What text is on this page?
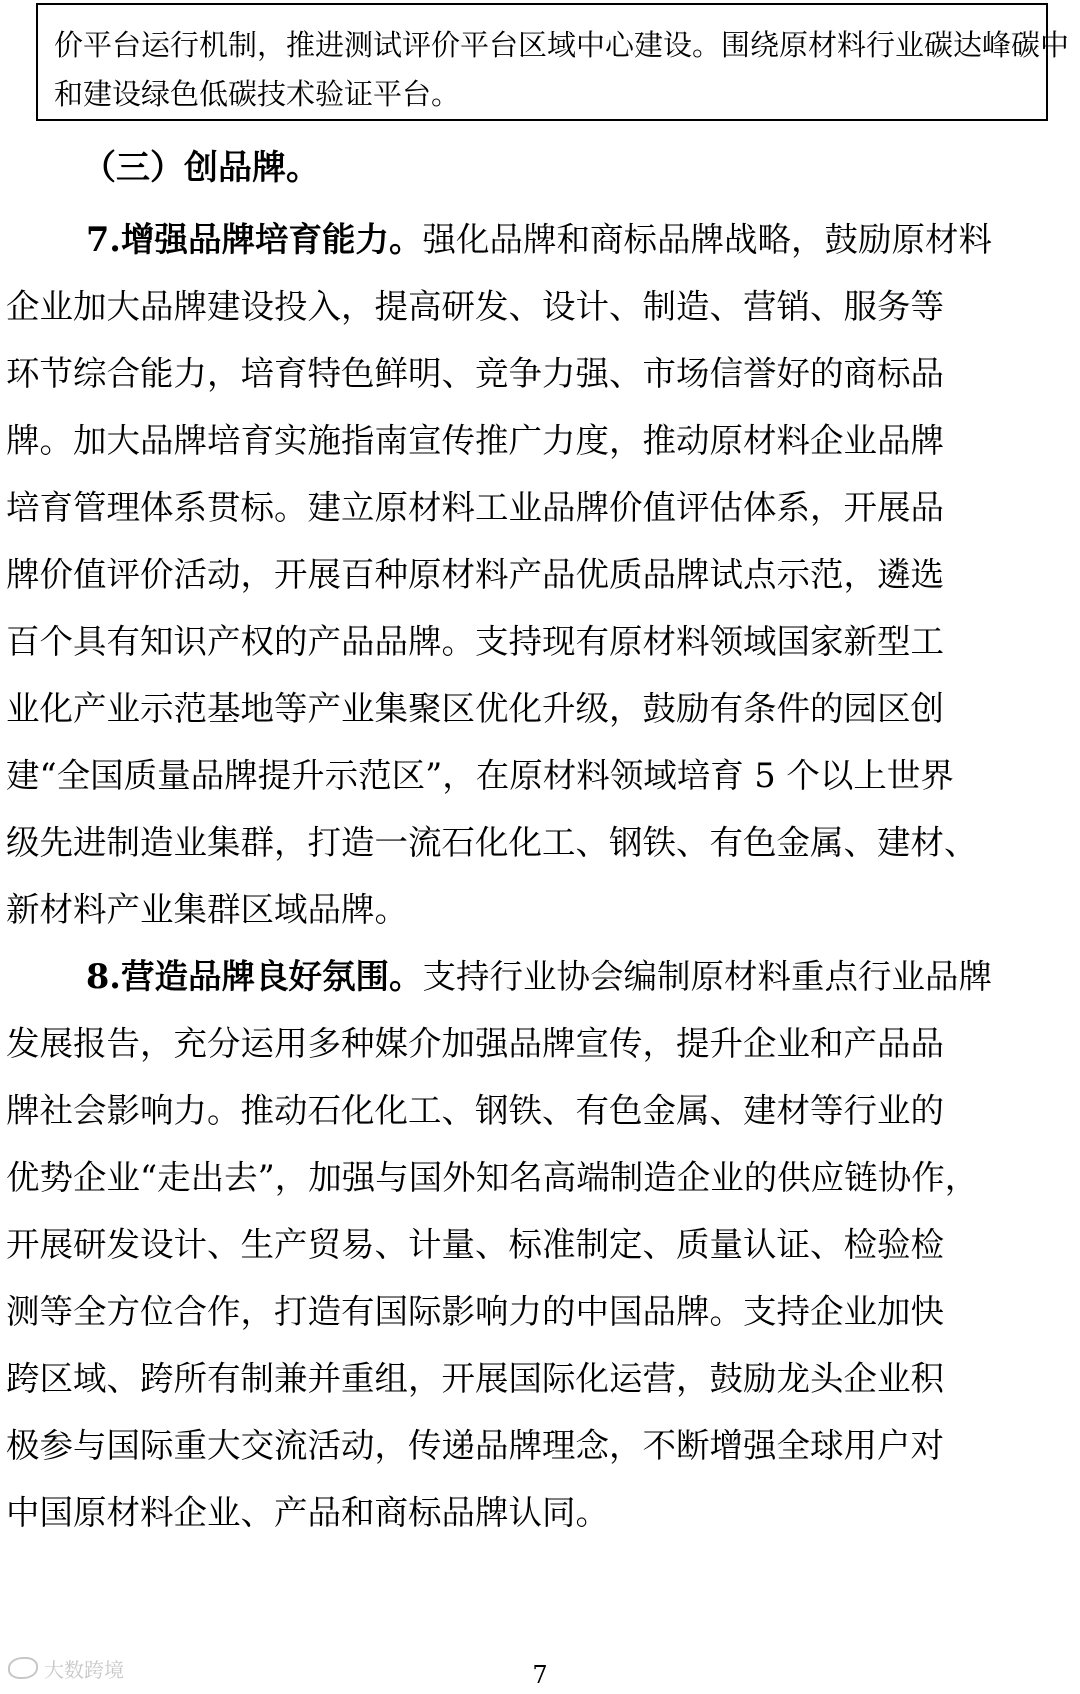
价平台运行机制，推进测试评价平台区域中心建设。围绕原材料行业碳达峰碳中
和建设绿色低碳技术验证平台。
（三）创品牌。
7.增强品牌培育能力。强化品牌和商标品牌战略，鼓励原材料
企业加大品牌建设投入，提高研发、设计、制造、营销、服务等
环节综合能力，培育特色鲜明、竞争力强、市场信誉好的商标品
牌。加大品牌培育实施指南宣传推广力度，推动原材料企业品牌
培育管理体系贯标。建立原材料工业品牌价值评估体系，开展品
牌价值评价活动，开展百种原材料产品优质品牌试点示范，遴选
百个具有知识产权的产品品牌。支持现有原材料领域国家新型工
业化产业示范基地等产业集聚区优化升级，鼓励有条件的园区创
建“全国质量品牌提升示范区”，在原材料领域培育 5 个以上世界
级先进制造业集群，打造一流石化化工、钢铁、有色金属、建材、
新材料产业集群区域品牌。
8.营造品牌良好氛围。支持行业协会编制原材料重点行业品牌
发展报告，充分运用多种媒介加强品牌宣传，提升企业和产品品
牌社会影响力。推动石化化工、钢铁、有色金属、建材等行业的
优势企业“走出去”，加强与国外知名高端制造企业的供应链协作，
开展研发设计、生产贸易、计量、标准制定、质量认证、检验检
测等全方位合作，打造有国际影响力的中国品牌。支持企业加快
跨区域、跨所有制兼并重组，开展国际化运营，鼓励龙头企业积
极参与国际重大交流活动，传递品牌理念，不断增强全球用户对
中国原材料企业、产品和商标品牌认同。
大数跨境	7
